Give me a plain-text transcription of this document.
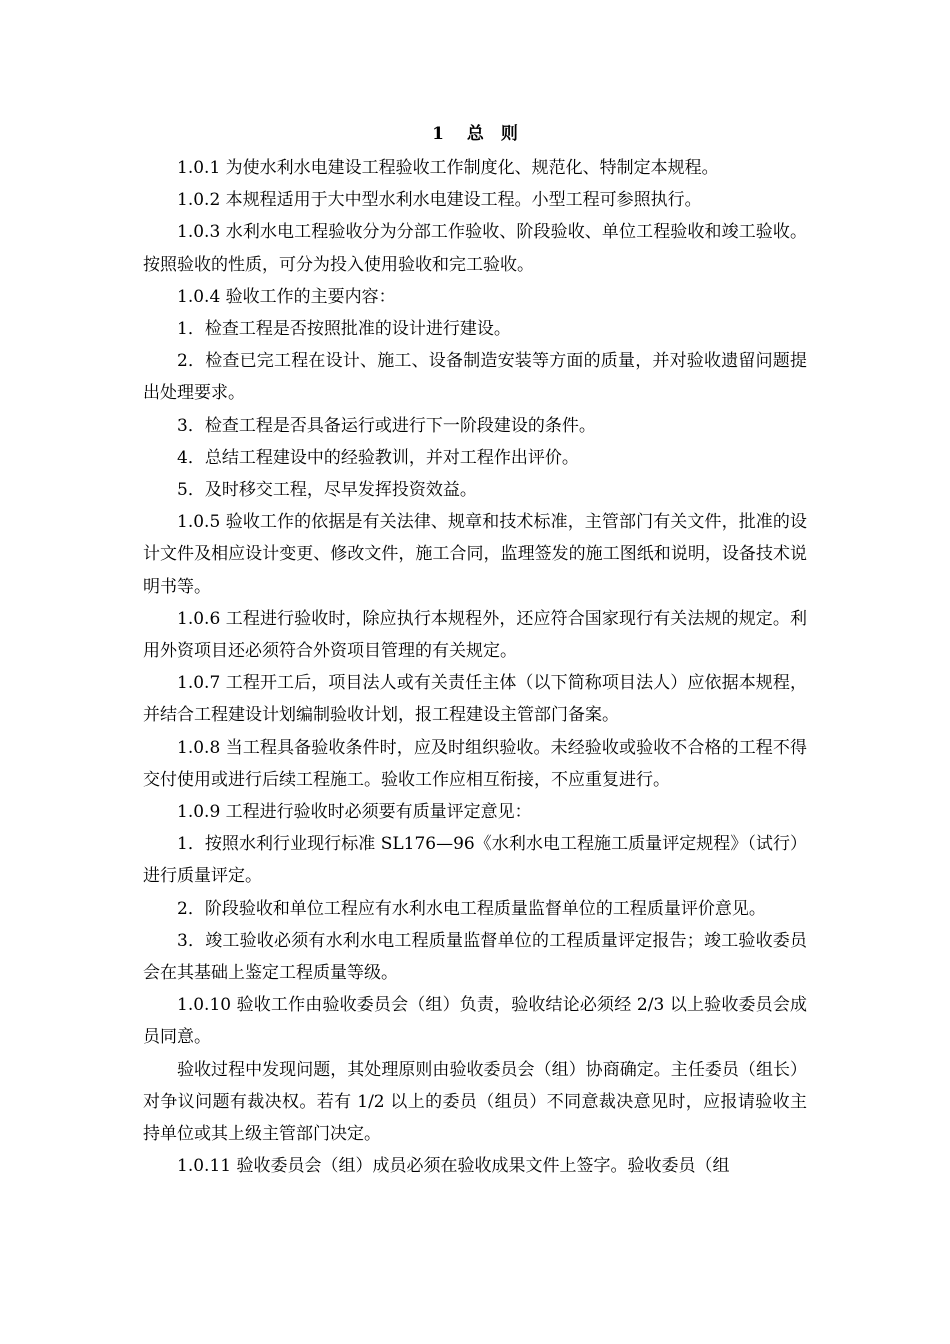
1　 总　则

1.0.1 为使水利水电建设工程验收工作制度化、规范化、特制定本规程。

1.0.2 本规程适用于大中型水利水电建设工程。小型工程可参照执行。

1.0.3 水利水电工程验收分为分部工作验收、阶段验收、单位工程验收和竣工验收。按照验收的性质，可分为投入使用验收和完工验收。

1.0.4 验收工作的主要内容：

1．检查工程是否按照批准的设计进行建设。

2．检查已完工程在设计、施工、设备制造安装等方面的质量，并对验收遗留问题提出处理要求。

3．检查工程是否具备运行或进行下一阶段建设的条件。

4．总结工程建设中的经验教训，并对工程作出评价。

5．及时移交工程，尽早发挥投资效益。

1.0.5 验收工作的依据是有关法律、规章和技术标准，主管部门有关文件，批准的设计文件及相应设计变更、修改文件，施工合同，监理签发的施工图纸和说明，设备技术说明书等。

1.0.6 工程进行验收时，除应执行本规程外，还应符合国家现行有关法规的规定。利用外资项目还必须符合外资项目管理的有关规定。

1.0.7 工程开工后，项目法人或有关责任主体（以下简称项目法人）应依据本规程，并结合工程建设计划编制验收计划，报工程建设主管部门备案。

1.0.8 当工程具备验收条件时，应及时组织验收。未经验收或验收不合格的工程不得交付使用或进行后续工程施工。验收工作应相互衔接，不应重复进行。

1.0.9 工程进行验收时必须要有质量评定意见：

1．按照水利行业现行标准 SL176—96《水利水电工程施工质量评定规程》（试行）进行质量评定。

2．阶段验收和单位工程应有水利水电工程质量监督单位的工程质量评价意见。

3．竣工验收必须有水利水电工程质量监督单位的工程质量评定报告；竣工验收委员会在其基础上鉴定工程质量等级。

1.0.10 验收工作由验收委员会（组）负责，验收结论必须经 2/3 以上验收委员会成员同意。

验收过程中发现问题，其处理原则由验收委员会（组）协商确定。主任委员（组长）对争议问题有裁决权。若有 1/2 以上的委员（组员）不同意裁决意见时，应报请验收主持单位或其上级主管部门决定。

1.0.11 验收委员会（组）成员必须在验收成果文件上签字。验收委员（组
